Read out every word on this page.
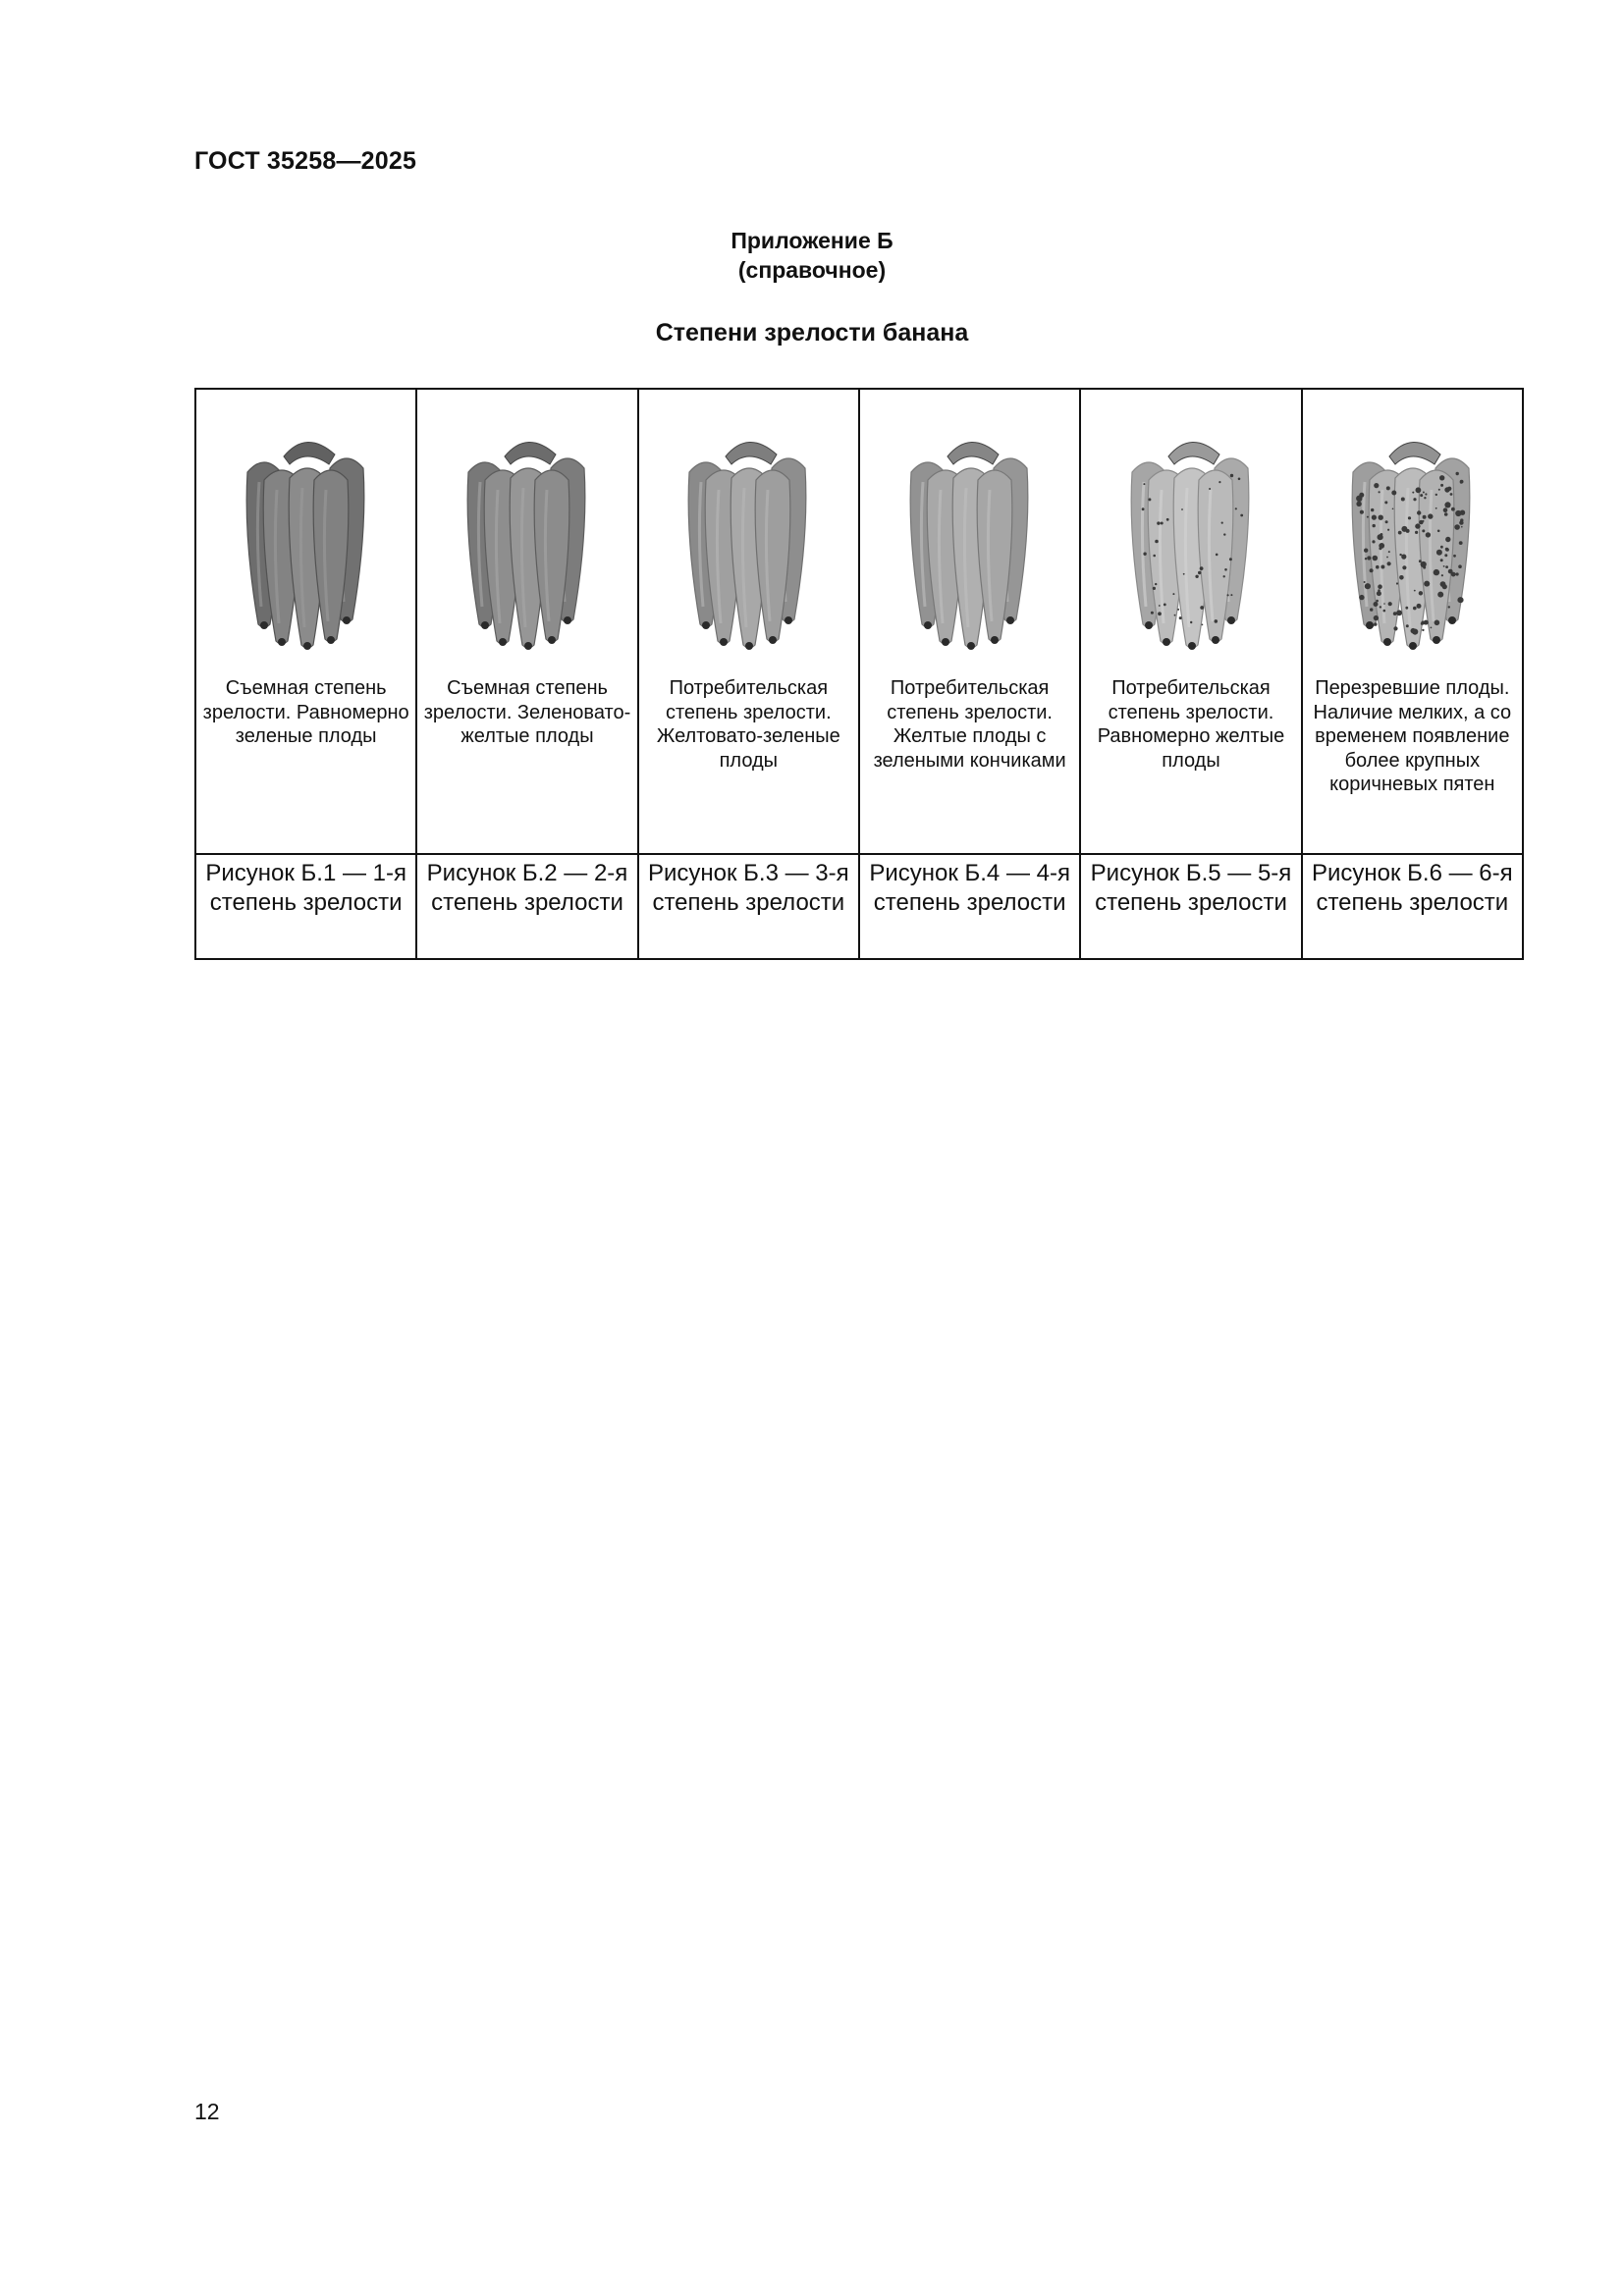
ГОСТ 35258—2025
Приложение Б
(справочное)
Степени зрелости банана
Съемная степень зрелости. Равномерно зеленые плоды	Съемная степень зрелости. Зеленовато-желтые плоды	Потребительская степень зрелости. Желтовато-зеленые плоды	Потребительская степень зрелости. Желтые плоды с зелеными кончиками	Потребительская степень зрелости. Равномерно желтые плоды	Перезревшие плоды. Наличие мелких, а со временем появление более крупных коричневых пятен

Рисунок Б.1 — 1-я степень зрелости	Рисунок Б.2 — 2-я степень зрелости	Рисунок Б.3 — 3-я степень зрелости	Рисунок Б.4 — 4-я степень зрелости	Рисунок Б.5 — 5-я степень зрелости	Рисунок Б.6 — 6-я степень зрелости
12
